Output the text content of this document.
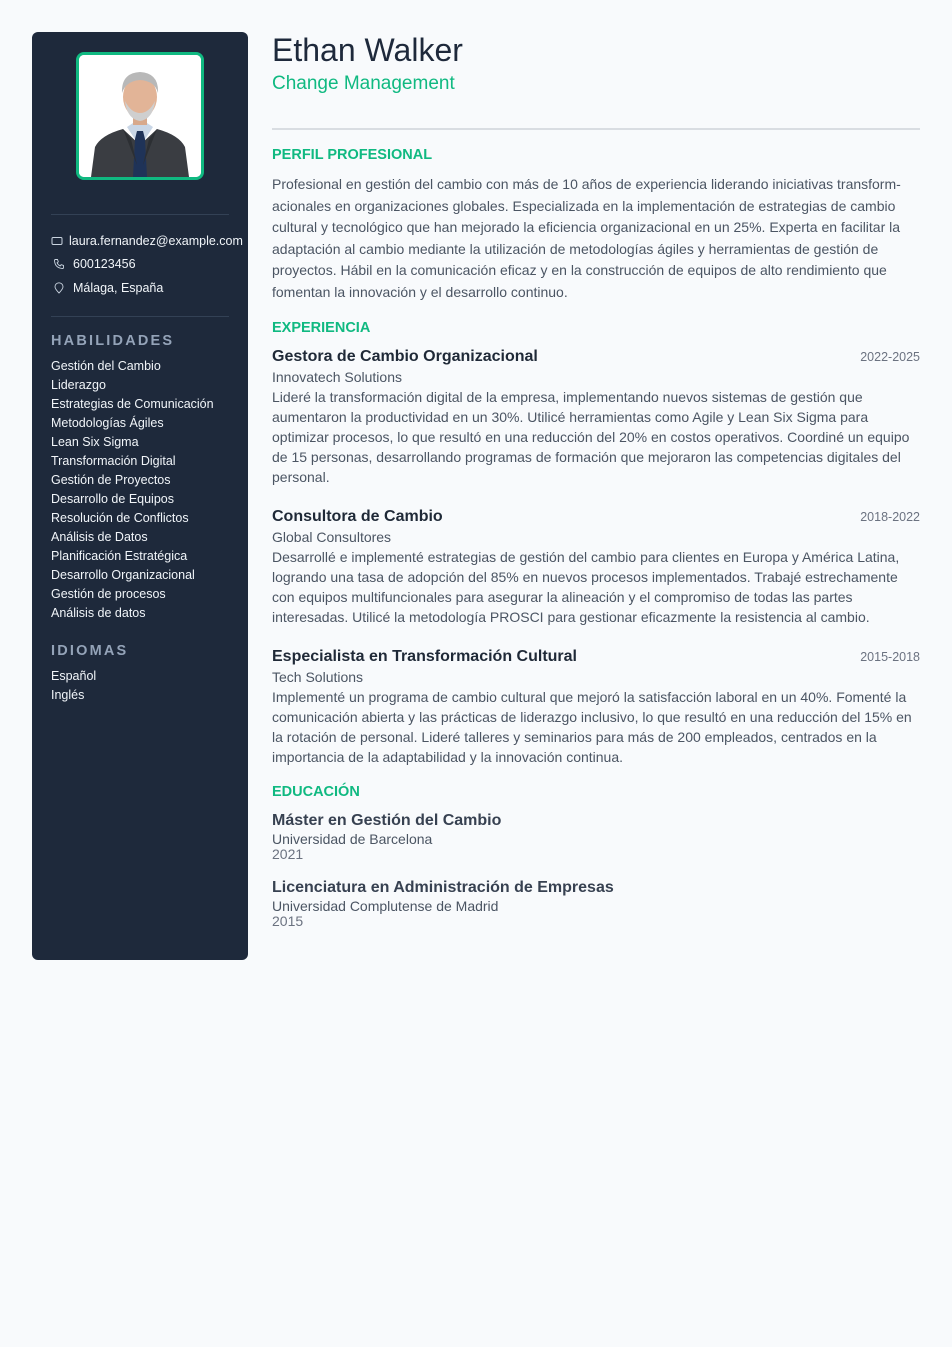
laura.fernandez@example.com
600123456
Málaga, España
HABILIDADES
Gestión del Cambio
Liderazgo
Estrategias de Comunicación
Metodologías Ágiles
Lean Six Sigma
Transformación Digital
Gestión de Proyectos
Desarrollo de Equipos
Resolución de Conflictos
Análisis de Datos
Planificación Estratégica
Desarrollo Organizacional
Gestión de procesos
Análisis de datos
IDIOMAS
Español
Inglés
Ethan Walker
Change Management
PERFIL PROFESIONAL

Profesional en gestión del cambio con más de 10 años de experiencia liderando iniciativas transform-acionales en organizaciones globales. Especializada en la implementación de estrategias de cambio cultural y tecnológico que han mejorado la eficiencia organizacional en un 25%. Experta en facilitar la adaptación al cambio mediante la utilización de metodologías ágiles y herramientas de gestión de proyectos. Hábil en la comunicación eficaz y en la construcción de equipos de alto rendimiento que fomentan la innovación y el desarrollo continuo.

EXPERIENCIA
Gestora de Cambio Organizacional	2022-2025
Innovatech Solutions

Lideré la transformación digital de la empresa, implementando nuevos sistemas de gestión que aumentaron la productividad en un 30%. Utilicé herramientas como Agile y Lean Six Sigma para optimizar procesos, lo que resultó en una reducción del 20% en costos operativos. Coordiné un equipo de 15 personas, desarrollando programas de formación que mejoraron las competencias digitales del personal.

Consultora de Cambio	2018-2022
Global Consultores

Desarrollé e implementé estrategias de gestión del cambio para clientes en Europa y América Latina, logrando una tasa de adopción del 85% en nuevos procesos implementados. Trabajé estrechamente con equipos multifuncionales para asegurar la alineación y el compromiso de todas las partes interesadas. Utilicé la metodología PROSCI para gestionar eficazmente la resistencia al cambio.

Especialista en Transformación Cultural	2015-2018
Tech Solutions

Implementé un programa de cambio cultural que mejoró la satisfacción laboral en un 40%. Fomenté la comunicación abierta y las prácticas de liderazgo inclusivo, lo que resultó en una reducción del 15% en la rotación de personal. Lideré talleres y seminarios para más de 200 empleados, centrados en la importancia de la adaptabilidad y la innovación continua.

EDUCACIÓN
Máster en Gestión del Cambio
Universidad de Barcelona
2021
Licenciatura en Administración de Empresas
Universidad Complutense de Madrid
2015
